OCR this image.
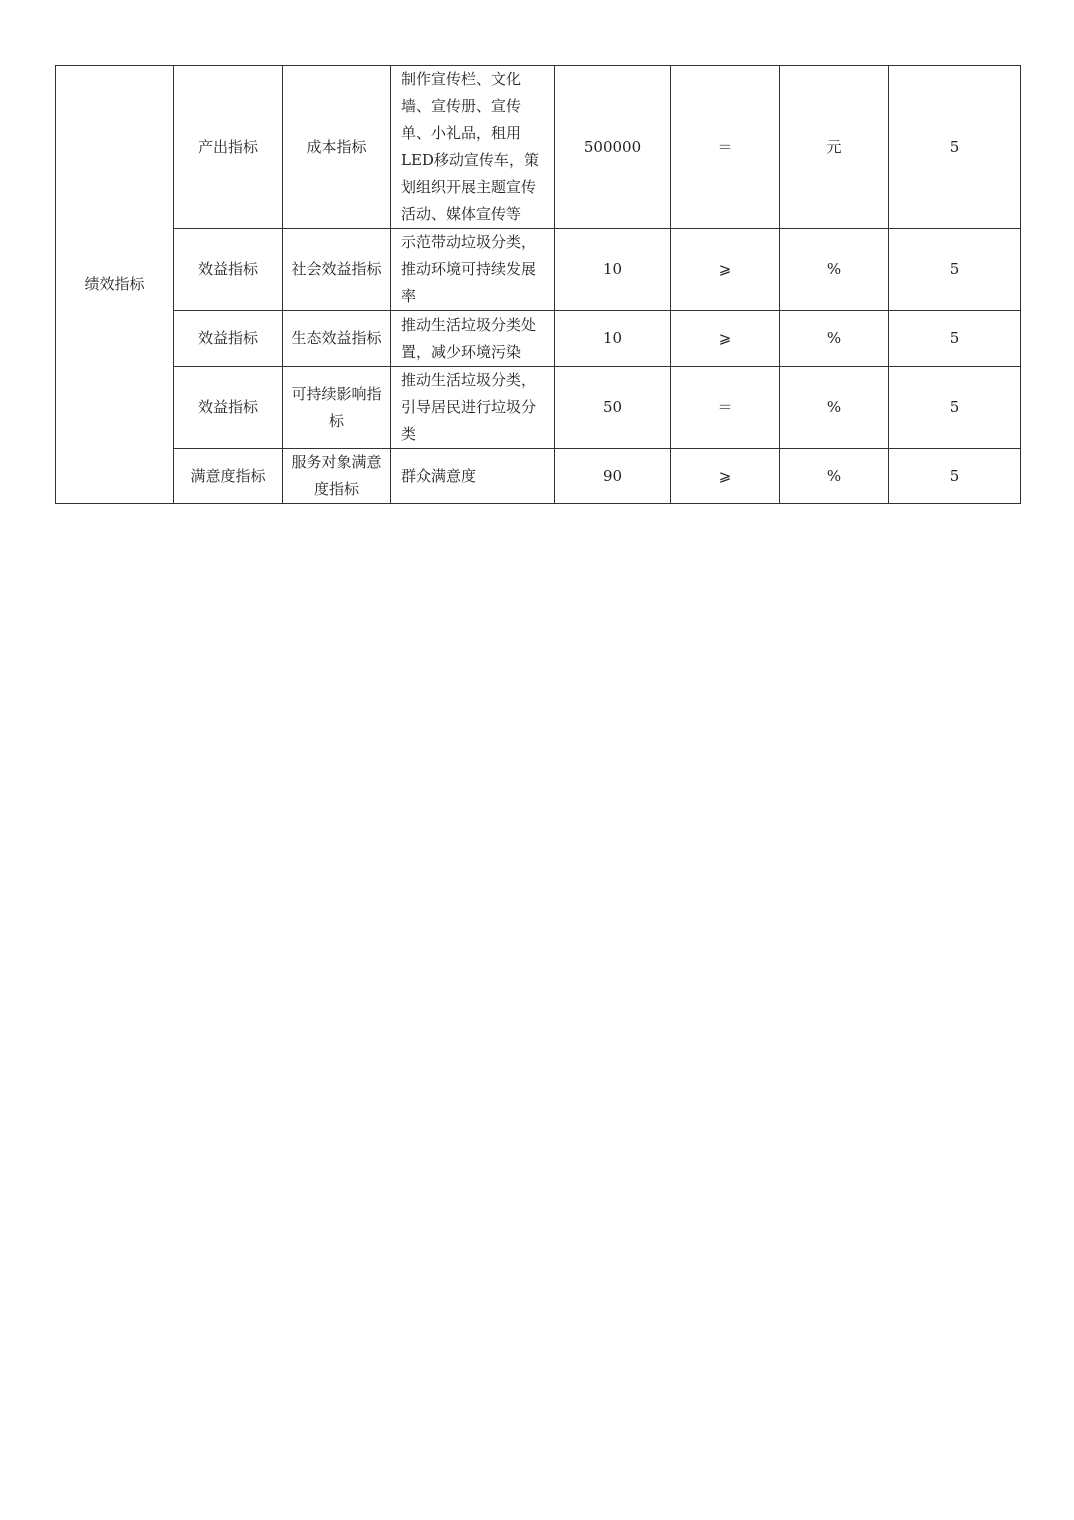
绩效指标	产出指标	成本指标	制作宣传栏、文化墙、宣传册、宣传单、小礼品，租用LED移动宣传车，策划组织开展主题宣传活动、媒体宣传等	500000	＝	元	5
	效益指标	社会效益指标	示范带动垃圾分类，推动环境可持续发展率	10	⩾	%	5
	效益指标	生态效益指标	推动生活垃圾分类处置，减少环境污染	10	⩾	%	5
	效益指标	可持续影响指标	推动生活垃圾分类，引导居民进行垃圾分类	50	＝	%	5
	满意度指标	服务对象满意度指标	群众满意度	90	⩾	%	5
